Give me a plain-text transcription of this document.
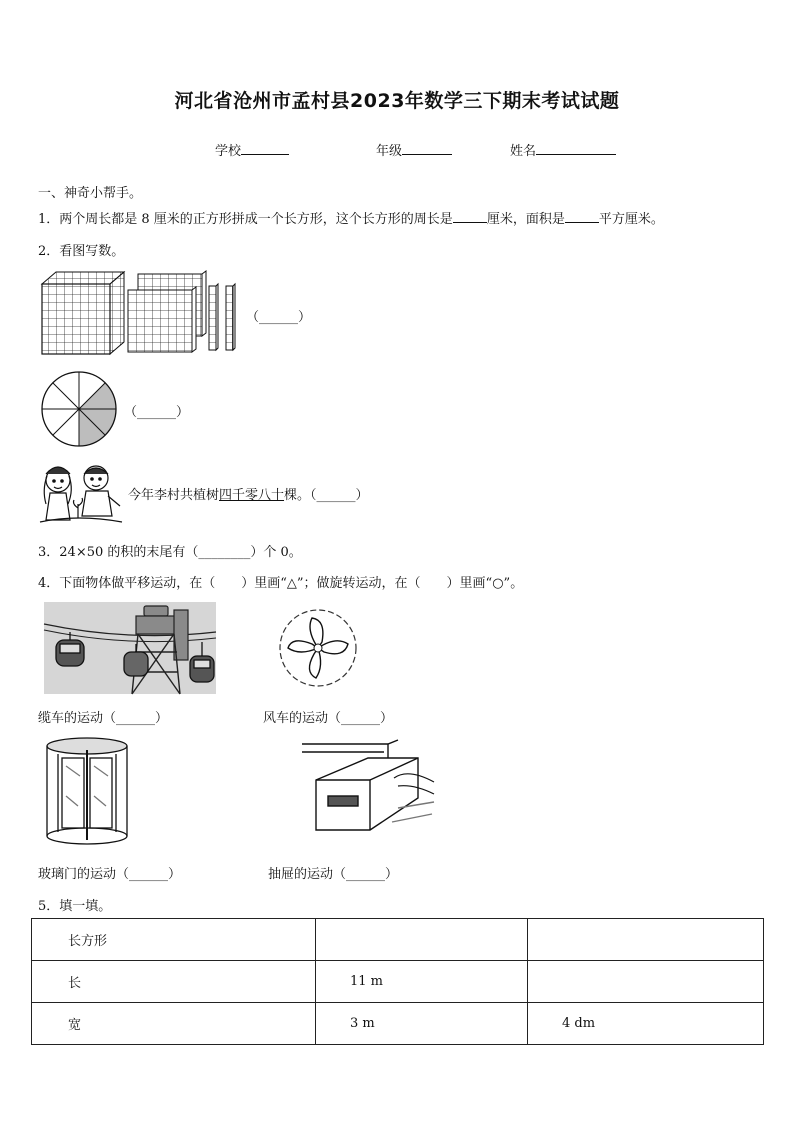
河北省沧州市孟村县2023年数学三下期末考试试题
学校	年级	姓名
一、神奇小帮手。
1．两个周长都是 8 厘米的正方形拼成一个长方形，这个长方形的周长是	厘米，面积是	平方厘米。
2．看图写数。
（______）
（______）
今年李村共植树四千零八十棵。（______）
3．24×50 的积的末尾有（________）个 0。
4．下面物体做平移运动，在（　　）里画“△”；做旋转运动，在（　　）里画“○”。
缆车的运动（______）	风车的运动（______）
玻璃门的运动（______）	抽屉的运动（______）
5．填一填。
长方形		
长	11 m	
宽	3 m	4 dm
